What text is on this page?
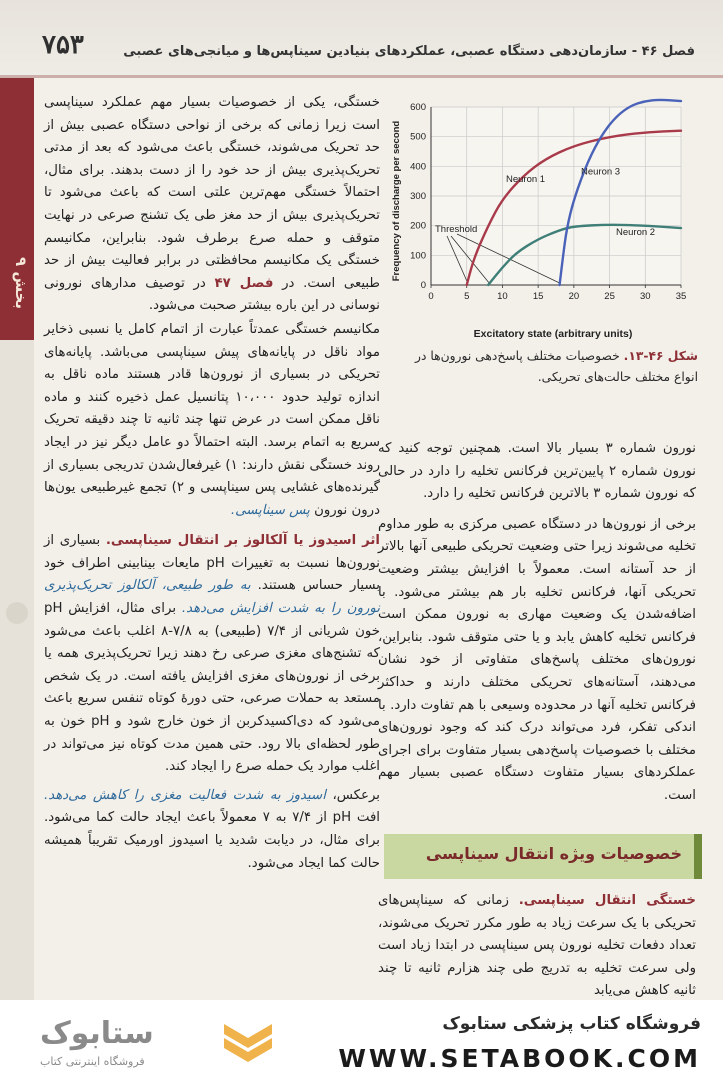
۷۵۳	فصل ۴۶ - سازمان‌دهی دستگاه عصبی، عملکردهای بنیادین سیناپس‌ها و میانجی‌های عصبی
بخش ۹

خستگی، یکی از خصوصیات بسیار مهم عملکرد سیناپسی است زیرا زمانی که برخی از نواحی دستگاه عصبی بیش از حد تحریک می‌شوند، خستگی باعث می‌شود که بعد از مدتی تحریک‌پذیری بیش از حد خود را از دست بدهند. برای مثال، احتمالاً خستگی مهم‌ترین علتی است که باعث می‌شود تا تحریک‌پذیری بیش از حد مغز طی یک تشنج صرعی در نهایت متوقف و حمله صرع برطرف شود. بنابراین، مکانیسم خستگی یک مکانیسم محافظتی در برابر فعالیت بیش از حد طبیعی است. در فصل ۴۷ در توصیف مدارهای نورونی نوسانی در این باره بیشتر صحبت می‌شود.

مکانیسم خستگی عمدتاً عبارت از اتمام کامل یا نسبی ذخایر مواد ناقل در پایانه‌های پیش سیناپسی می‌باشد. پایانه‌های تحریکی در بسیاری از نورون‌ها قادر هستند ماده ناقل به اندازه تولید حدود ۱۰،۰۰۰ پتانسیل عمل ذخیره کنند و ماده ناقل ممکن است در عرض تنها چند ثانیه تا چند دقیقه تحریک سریع به اتمام برسد. البته احتمالاً دو عامل دیگر نیز در ایجاد روند خستگی نقش دارند: ۱) غیرفعال‌شدن تدریجی بسیاری از گیرنده‌های غشایی پس سیناپسی و ۲) تجمع غیرطبیعی یون‌ها درون نورون پس سیناپسی.

اثر اسیدوز یا آلکالوز بر انتقال سیناپسی. بسیاری از نورون‌ها نسبت به تغییرات pH مایعات بینابینی اطراف خود بسیار حساس هستند. به طور طبیعی، آلکالوز تحریک‌پذیری نورون را به شدت افزایش می‌دهد. برای مثال، افزایش pH خون شریانی از ۷/۴ (طبیعی) به ۷/۸-۸ اغلب باعث می‌شود که تشنج‌های مغزی صرعی رخ دهند زیرا تحریک‌پذیری همه یا برخی از نورون‌های مغزی افزایش یافته است. در یک شخص مستعد به حملات صرعی، حتی دورهٔ کوتاه تنفس سریع باعث می‌شود که دی‌اکسیدکربن از خون خارج شود و pH خون به طور لحظه‌ای بالا رود. حتی همین مدت کوتاه نیز می‌تواند در اغلب موارد یک حمله صرع را ایجاد کند.

برعکس، اسیدوز به شدت فعالیت مغزی را کاهش می‌دهد. افت pH از ۷/۴ به ۷ معمولاً باعث ایجاد حالت کما می‌شود. برای مثال، در دیابت شدید یا اسیدوز اورمیک تقریباً همیشه حالت کما ایجاد می‌شود.

0	5	10	15	20	25	30	35
0
100
200
300
400
500
600
Neuron 1
Neuron 2
Neuron 3
Excitatory state (arbitrary units)
Frequency of discharge per second	Threshold
شکل ۴۶-۱۳. خصوصیات مختلف پاسخ‌دهی نورون‌ها در انواع مختلف حالت‌های تحریکی.

نورون شماره ۳ بسیار بالا است. همچنین توجه کنید که نورون شماره ۲ پایین‌ترین فرکانس تخلیه را دارد در حالی که نورون شماره ۳ بالاترین فرکانس تخلیه را دارد.

برخی از نورون‌ها در دستگاه عصبی مرکزی به طور مداوم تخلیه می‌شوند زیرا حتی وضعیت تحریکی طبیعی آنها بالاتر از حد آستانه است. معمولاً با افزایش بیشتر وضعیت تحریکی آنها، فرکانس تخلیه بار هم بیشتر می‌شود. با اضافه‌شدن یک وضعیت مهاری به نورون ممکن است فرکانس تخلیه کاهش یابد و یا حتی متوقف شود. بنابراین، نورون‌های مختلف پاسخ‌های متفاوتی از خود نشان می‌دهند، آستانه‌های تحریکی مختلف دارند و حداکثر فرکانس تخلیه آنها در محدوده وسیعی با هم تفاوت دارد. با اندکی تفکر، فرد می‌تواند درک کند که وجود نورون‌های مختلف با خصوصیات پاسخ‌دهی بسیار متفاوت برای اجرای عملکردهای بسیار متفاوت دستگاه عصبی بسیار مهم است.

خصوصیات ویژه انتقال سیناپسی

خستگی انتقال سیناپسی. زمانی که سیناپس‌های تحریکی با یک سرعت زیاد به طور مکرر تحریک می‌شوند، تعداد دفعات تخلیه نورون پس سیناپسی در ابتدا زیاد است ولی سرعت تخلیه به تدریج طی چند هزارم ثانیه تا چند ثانیه کاهش می‌یابد

ستابوک
فروشگاه اینترنتی کتاب
فروشگاه کتاب پزشکی ستابوک
WWW.SETABOOK.COM
